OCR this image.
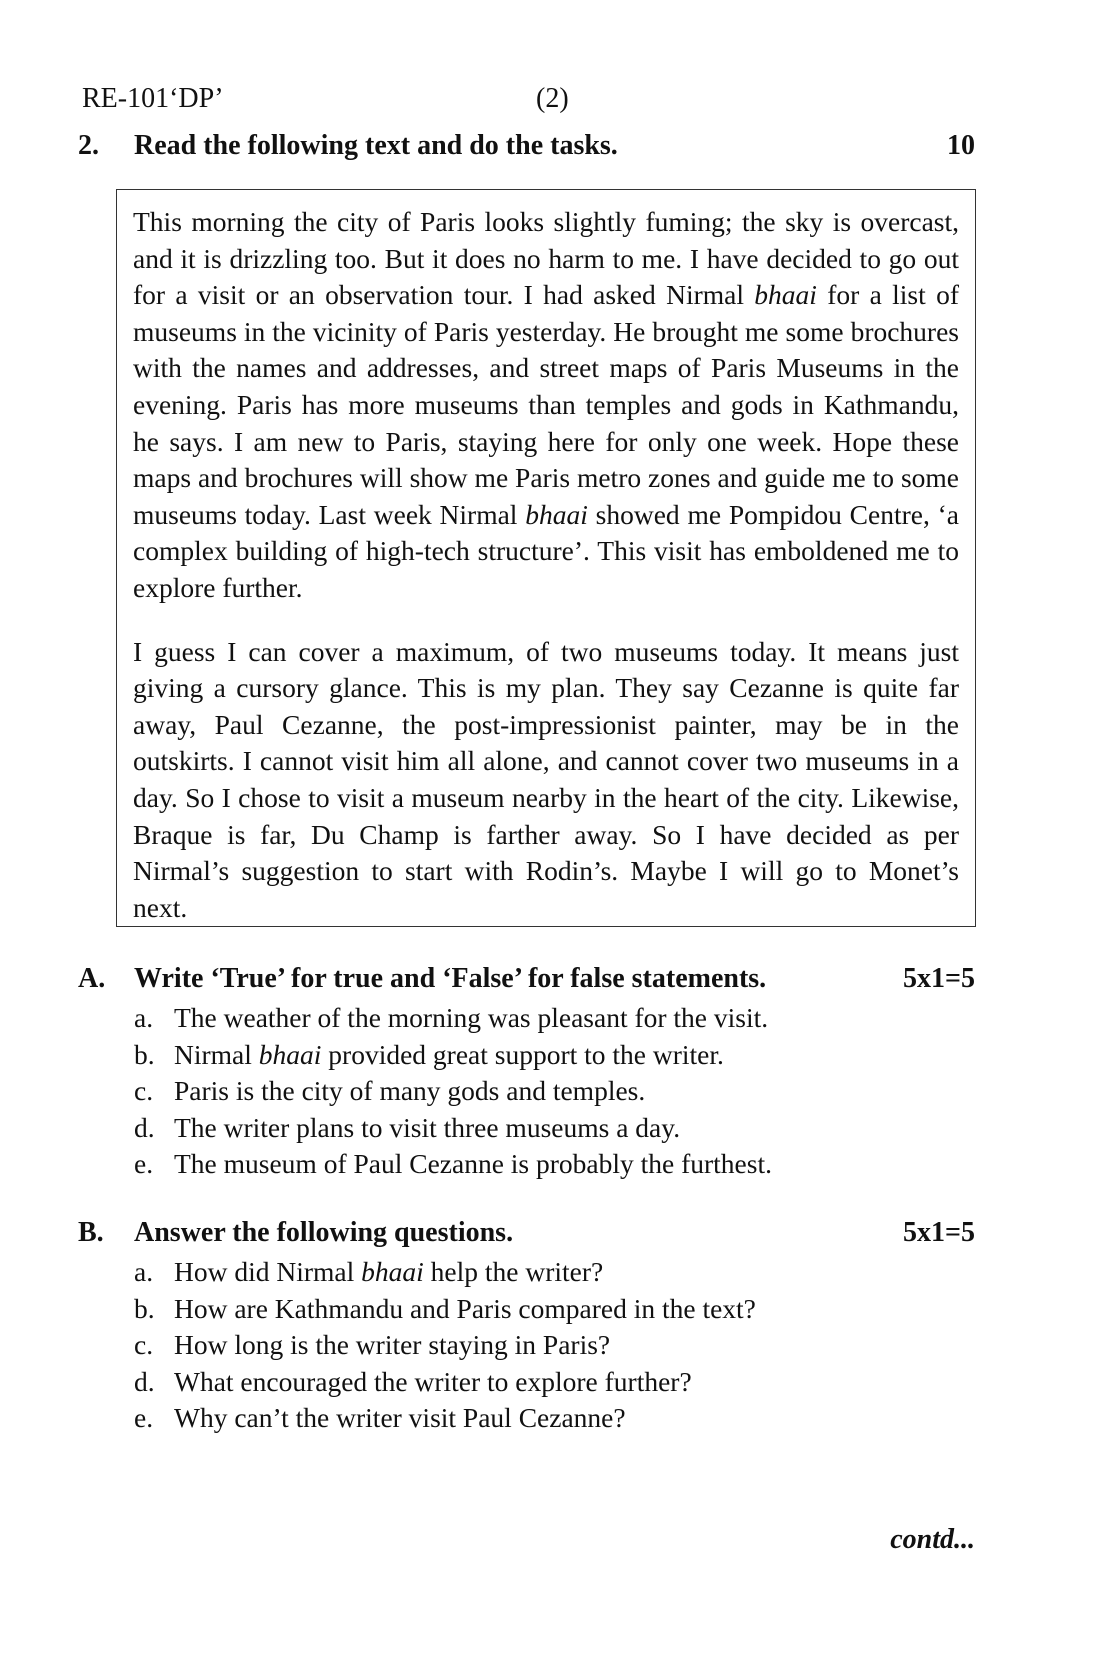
RE-101‘DP’	(2)
2. Read the following text and do the tasks.	10

This morning the city of Paris looks slightly fuming; the sky is overcast, and it is drizzling too. But it does no harm to me. I have decided to go out for a visit or an observation tour. I had asked Nirmal bhaai for a list of museums in the vicinity of Paris yesterday. He brought me some brochures with the names and addresses, and street maps of Paris Museums in the evening. Paris has more museums than temples and gods in Kathmandu, he says. I am new to Paris, staying here for only one week. Hope these maps and brochures will show me Paris metro zones and guide me to some museums today. Last week Nirmal bhaai showed me Pompidou Centre, ‘a complex building of high-tech structure’. This visit has emboldened me to explore further.

I guess I can cover a maximum, of two museums today. It means just giving a cursory glance. This is my plan. They say Cezanne is quite far away, Paul Cezanne, the post-impressionist painter, may be in the outskirts. I cannot visit him all alone, and cannot cover two museums in a day. So I chose to visit a museum nearby in the heart of the city. Likewise, Braque is far, Du Champ is farther away. So I have decided as per Nirmal’s suggestion to start with Rodin’s. Maybe I will go to Monet’s next.

A. Write ‘True’ for true and ‘False’ for false statements.	5x1=5
a. The weather of the morning was pleasant for the visit.
b. Nirmal bhaai provided great support to the writer.
c. Paris is the city of many gods and temples.
d. The writer plans to visit three museums a day.
e. The museum of Paul Cezanne is probably the furthest.
B. Answer the following questions.	5x1=5
a. How did Nirmal bhaai help the writer?
b. How are Kathmandu and Paris compared in the text?
c. How long is the writer staying in Paris?
d. What encouraged the writer to explore further?
e. Why can’t the writer visit Paul Cezanne?
contd...
